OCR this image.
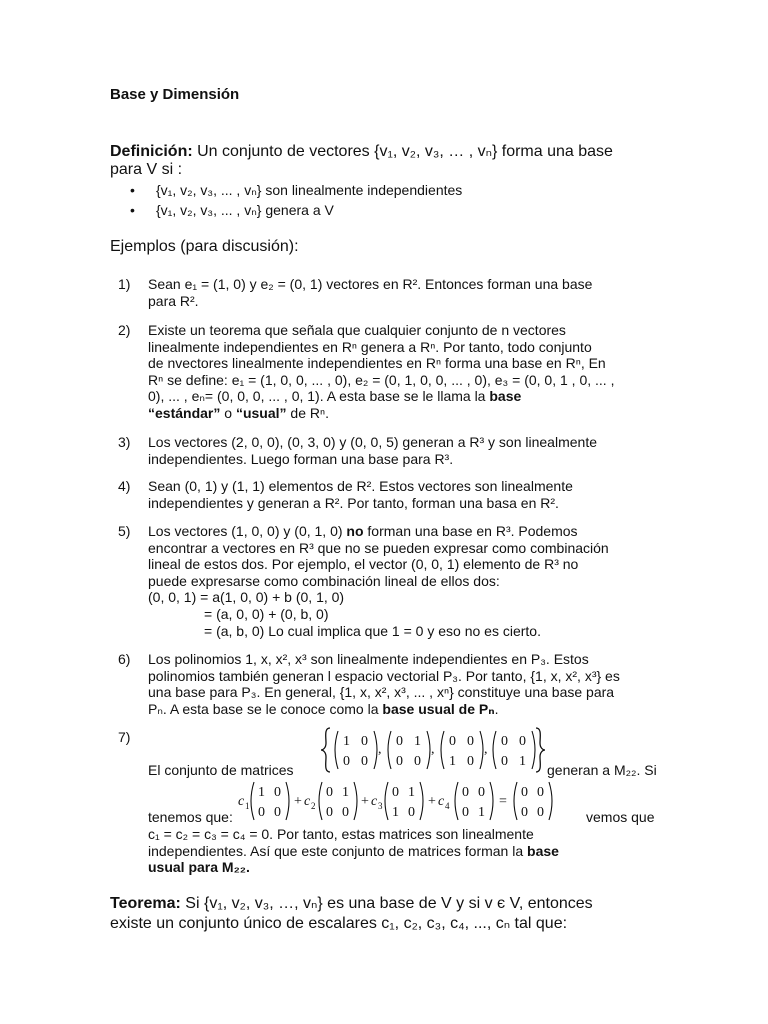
Base y Dimensión
Definición: Un conjunto de vectores {v₁, v₂, v₃, … , vₙ} forma una base
para V si :
• {v₁, v₂, v₃, ... , vₙ} son linealmente independientes
• {v₁, v₂, v₃, ... , vₙ} genera a V
Ejemplos (para discusión):
1) Sean e₁ = (1, 0) y e₂ = (0, 1) vectores en R². Entonces forman una base
para R².
2) Existe un teorema que señala que cualquier conjunto de n vectores
linealmente independientes en Rⁿ genera a Rⁿ. Por tanto, todo conjunto
de nvectores linealmente independientes en Rⁿ forma una base en Rⁿ, En
Rⁿ se define: e₁ = (1, 0, 0, ... , 0), e₂ = (0, 1, 0, 0, ... , 0), e₃ = (0, 0, 1 , 0, ... ,
0), ... , eₙ= (0, 0, 0, ... , 0, 1). A esta base se le llama la base
“estándar” o “usual” de Rⁿ.
3) Los vectores (2, 0, 0), (0, 3, 0) y (0, 0, 5) generan a R³ y son linealmente
independientes. Luego forman una base para R³.
4) Sean (0, 1) y (1, 1) elementos de R². Estos vectores son linealmente
independientes y generan a R². Por tanto, forman una basa en R².
5) Los vectores (1, 0, 0) y (0, 1, 0) no forman una base en R³. Podemos
encontrar a vectores en R³ que no se pueden expresar como combinación
lineal de estos dos. Por ejemplo, el vector (0, 0, 1) elemento de R³ no
puede expresarse como combinación lineal de ellos dos:
(0, 0, 1) = a(1, 0, 0) + b (0, 1, 0)
= (a, 0, 0) + (0, b, 0)
= (a, b, 0) Lo cual implica que 1 = 0 y eso no es cierto.
6) Los polinomios 1, x, x², x³ son linealmente independientes en P₃. Estos
polinomios también generan l espacio vectorial P₃. Por tanto, {1, x, x², x³} es
una base para P₃. En general, {1, x, x², x³, ... , xⁿ} constituye una base para
Pₙ. A esta base se le conoce como la base usual de Pₙ.
7)
El conjunto de matrices
1 0
0 0
0 1
0 0
0 0
1 0
0 0
0 1
,	,	,
generan a M₂₂. Si
tenemos que:
c 1
1 0
0 0
+ c 2
0 1
0 0
+ c 3
0 1
1 0
+ c 4
0 0
0 1
=
0 0
0 0	vemos que
c₁ = c₂ = c₃ = c₄ = 0. Por tanto, estas matrices son linealmente
independientes. Así que este conjunto de matrices forman la base
usual para M₂₂.
Teorema: Si {v₁, v₂, v₃, …, vₙ} es una base de V y si v є V, entonces
existe un conjunto único de escalares c₁, c₂, c₃, c₄, ..., cₙ tal que:
